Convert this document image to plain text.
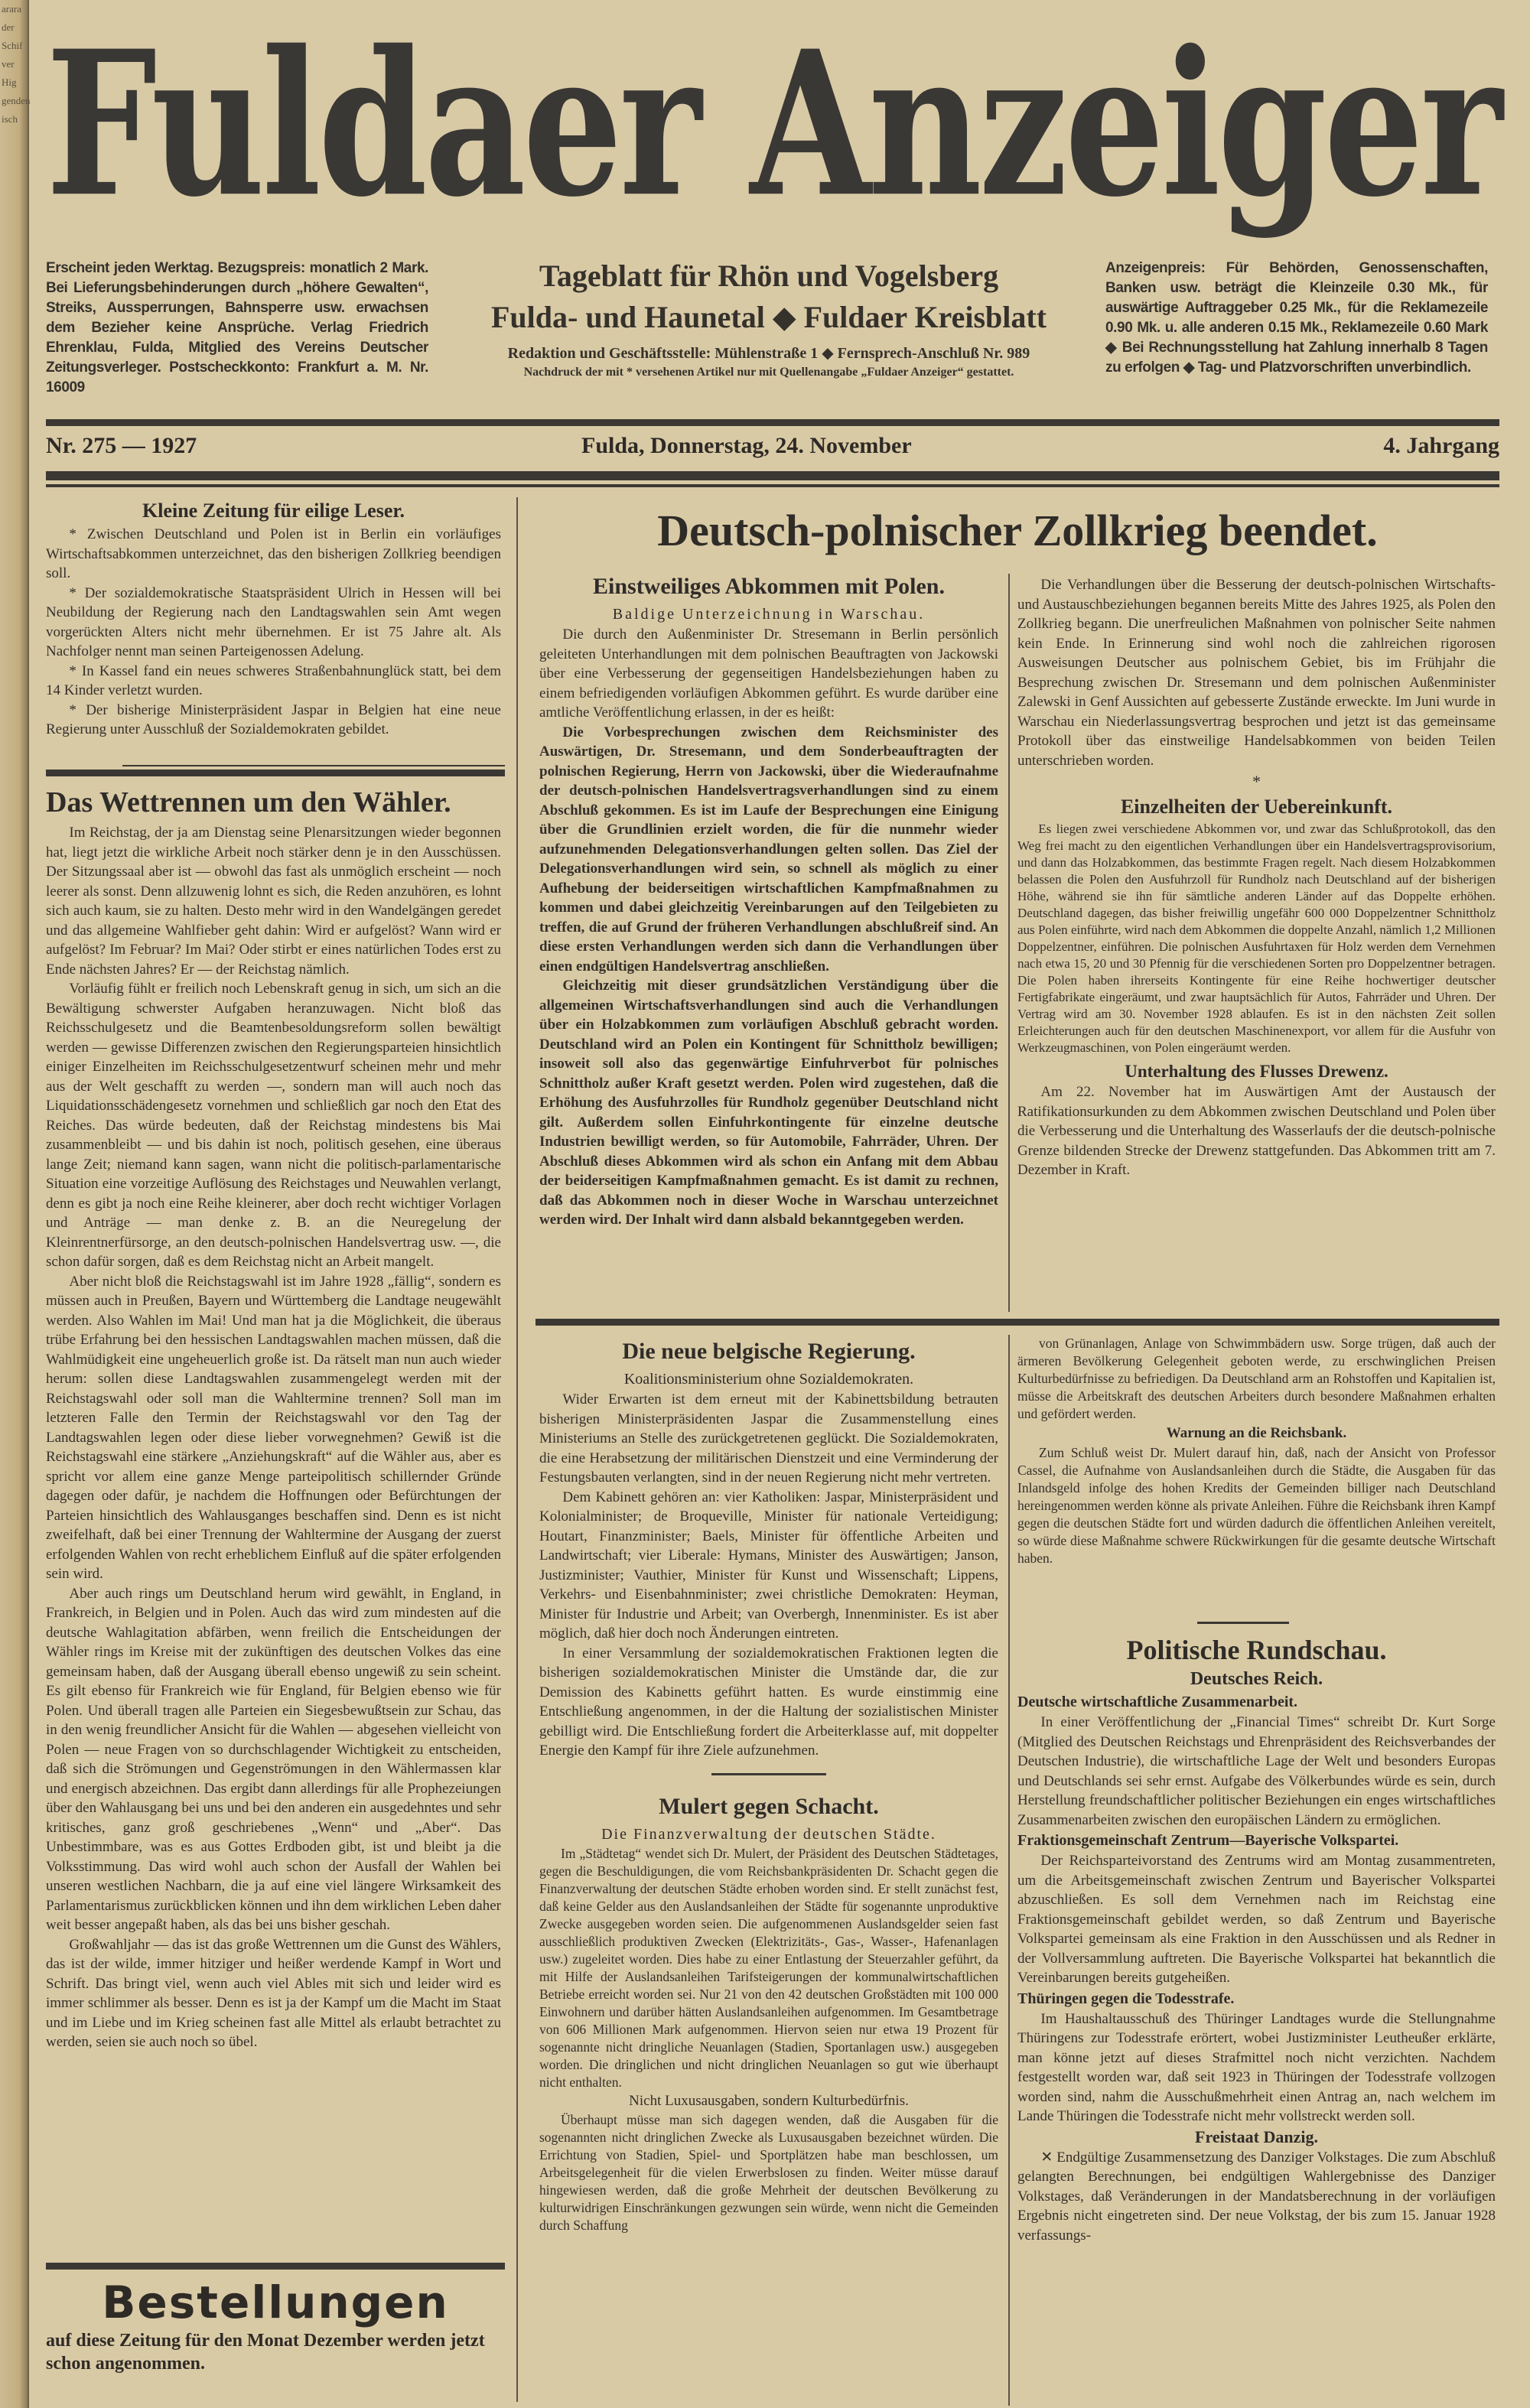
arara
der
Schif
ver
Hig
genden
isch Fuldaer Anzeiger
Erscheint jeden Werktag. Bezugspreis: monatlich 2 Mark. Bei Lieferungsbehinderungen durch „höhere Gewalten“, Streiks, Aussperrungen, Bahnsperre usw. erwachsen dem Bezieher keine Ansprüche. Verlag Friedrich Ehrenklau, Fulda, Mitglied des Vereins Deutscher Zeitungsverleger. Postscheckkonto: Frankfurt a. M. Nr. 16009
Tageblatt für Rhön und Vogelsberg
Fulda- und Haunetal ◆ Fuldaer Kreisblatt
Redaktion und Geschäftsstelle: Mühlenstraße 1 ◆ Fernsprech-Anschluß Nr. 989
Nachdruck der mit * versehenen Artikel nur mit Quellenangabe „Fuldaer Anzeiger“ gestattet.
Anzeigenpreis: Für Behörden, Genossenschaften, Banken usw. beträgt die Kleinzeile 0.30 Mk., für auswärtige Auftraggeber 0.25 Mk., für die Reklamezeile 0.90 Mk. u. alle anderen 0.15 Mk., Reklamezeile 0.60 Mark ◆ Bei Rechnungsstellung hat Zahlung innerhalb 8 Tagen zu erfolgen ◆ Tag- und Platzvorschriften unverbindlich.
Nr. 275 — 1927	Fulda, Donnerstag, 24. November	4. Jahrgang
Kleine Zeitung für eilige Leser.

* Zwischen Deutschland und Polen ist in Berlin ein vorläufiges Wirtschaftsabkommen unterzeichnet, das den bisherigen Zollkrieg beendigen soll.

* Der sozialdemokratische Staatspräsident Ulrich in Hessen will bei Neubildung der Regierung nach den Landtagswahlen sein Amt wegen vorgerückten Alters nicht mehr übernehmen. Er ist 75 Jahre alt. Als Nachfolger nennt man seinen Parteigenossen Adelung.

* In Kassel fand ein neues schweres Straßenbahnunglück statt, bei dem 14 Kinder verletzt wurden.

* Der bisherige Ministerpräsident Jaspar in Belgien hat eine neue Regierung unter Ausschluß der Sozialdemokraten gebildet.

Das Wettrennen um den Wähler.

Im Reichstag, der ja am Dienstag seine Plenarsitzungen wieder begonnen hat, liegt jetzt die wirkliche Arbeit noch stärker denn je in den Ausschüssen. Der Sitzungssaal aber ist — obwohl das fast als unmöglich erscheint — noch leerer als sonst. Denn allzuwenig lohnt es sich, die Reden anzuhören, es lohnt sich auch kaum, sie zu halten. Desto mehr wird in den Wandelgängen geredet und das allgemeine Wahlfieber geht dahin: Wird er aufgelöst? Wann wird er aufgelöst? Im Februar? Im Mai? Oder stirbt er eines natürlichen Todes erst zu Ende nächsten Jahres? Er — der Reichstag nämlich.

Vorläufig fühlt er freilich noch Lebenskraft genug in sich, um sich an die Bewältigung schwerster Aufgaben heranzuwagen. Nicht bloß das Reichsschulgesetz und die Beamtenbesoldungsreform sollen bewältigt werden — gewisse Differenzen zwischen den Regierungsparteien hinsichtlich einiger Einzelheiten im Reichsschulgesetzentwurf scheinen mehr und mehr aus der Welt geschafft zu werden —, sondern man will auch noch das Liquidationsschädengesetz vornehmen und schließlich gar noch den Etat des Reiches. Das würde bedeuten, daß der Reichstag mindestens bis Mai zusammenbleibt — und bis dahin ist noch, politisch gesehen, eine überaus lange Zeit; niemand kann sagen, wann nicht die politisch-parlamentarische Situation eine vorzeitige Auflösung des Reichstages und Neuwahlen verlangt, denn es gibt ja noch eine Reihe kleinerer, aber doch recht wichtiger Vorlagen und Anträge — man denke z. B. an die Neuregelung der Kleinrentnerfürsorge, an den deutsch-polnischen Handelsvertrag usw. —, die schon dafür sorgen, daß es dem Reichstag nicht an Arbeit mangelt.

Aber nicht bloß die Reichstagswahl ist im Jahre 1928 „fällig“, sondern es müssen auch in Preußen, Bayern und Württemberg die Landtage neugewählt werden. Also Wahlen im Mai! Und man hat ja die Möglichkeit, die überaus trübe Erfahrung bei den hessischen Landtagswahlen machen müssen, daß die Wahlmüdigkeit eine ungeheuerlich große ist. Da rätselt man nun auch wieder herum: sollen diese Landtagswahlen zusammengelegt werden mit der Reichstagswahl oder soll man die Wahltermine trennen? Soll man im letzteren Falle den Termin der Reichstagswahl vor den Tag der Landtagswahlen legen oder diese lieber vorwegnehmen? Gewiß ist die Reichstagswahl eine stärkere „Anziehungskraft“ auf die Wähler aus, aber es spricht vor allem eine ganze Menge parteipolitisch schillernder Gründe dagegen oder dafür, je nachdem die Hoffnungen oder Befürchtungen der Parteien hinsichtlich des Wahlausganges beschaffen sind. Denn es ist nicht zweifelhaft, daß bei einer Trennung der Wahltermine der Ausgang der zuerst erfolgenden Wahlen von recht erheblichem Einfluß auf die später erfolgenden sein wird.

Aber auch rings um Deutschland herum wird gewählt, in England, in Frankreich, in Belgien und in Polen. Auch das wird zum mindesten auf die deutsche Wahlagitation abfärben, wenn freilich die Entscheidungen der Wähler rings im Kreise mit der zukünftigen des deutschen Volkes das eine gemeinsam haben, daß der Ausgang überall ebenso ungewiß zu sein scheint. Es gilt ebenso für Frankreich wie für England, für Belgien ebenso wie für Polen. Und überall tragen alle Parteien ein Siegesbewußtsein zur Schau, das in den wenig freundlicher Ansicht für die Wahlen — abgesehen vielleicht von Polen — neue Fragen von so durchschlagender Wichtigkeit zu entscheiden, daß sich die Strömungen und Gegenströmungen in den Wählermassen klar und energisch abzeichnen. Das ergibt dann allerdings für alle Prophezeiungen über den Wahlausgang bei uns und bei den anderen ein ausgedehntes und sehr kritisches, ganz groß geschriebenes „Wenn“ und „Aber“. Das Unbestimmbare, was es aus Gottes Erdboden gibt, ist und bleibt ja die Volksstimmung. Das wird wohl auch schon der Ausfall der Wahlen bei unseren westlichen Nachbarn, die ja auf eine viel längere Wirksamkeit des Parlamentarismus zurückblicken können und ihn dem wirklichen Leben daher weit besser angepaßt haben, als das bei uns bisher geschah.

Großwahljahr — das ist das große Wettrennen um die Gunst des Wählers, das ist der wilde, immer hitziger und heißer werdende Kampf in Wort und Schrift. Das bringt viel, wenn auch viel Ables mit sich und leider wird es immer schlimmer als besser. Denn es ist ja der Kampf um die Macht im Staat und im Liebe und im Krieg scheinen fast alle Mittel als erlaubt betrachtet zu werden, seien sie auch noch so übel.

Bestellungen
auf diese Zeitung für den Monat Dezember werden jetzt schon angenommen.
Deutsch-polnischer Zollkrieg beendet.
Einstweiliges Abkommen mit Polen.
Baldige Unterzeichnung in Warschau.

Die durch den Außenminister Dr. Stresemann in Berlin persönlich geleiteten Unterhandlungen mit dem polnischen Beauftragten von Jackowski über eine Verbesserung der gegenseitigen Handelsbeziehungen haben zu einem befriedigenden vorläufigen Abkommen geführt. Es wurde darüber eine amtliche Veröffentlichung erlassen, in der es heißt:

Die Vorbesprechungen zwischen dem Reichsminister des Auswärtigen, Dr. Stresemann, und dem Sonderbeauftragten der polnischen Regierung, Herrn von Jackowski, über die Wiederaufnahme der deutsch-polnischen Handelsvertragsverhandlungen sind zu einem Abschluß gekommen. Es ist im Laufe der Besprechungen eine Einigung über die Grundlinien erzielt worden, die für die nunmehr wieder aufzunehmenden Delegationsverhandlungen gelten sollen. Das Ziel der Delegationsverhandlungen wird sein, so schnell als möglich zu einer Aufhebung der beiderseitigen wirtschaftlichen Kampfmaßnahmen zu kommen und dabei gleichzeitig Vereinbarungen auf den Teilgebieten zu treffen, die auf Grund der früheren Verhandlungen abschlußreif sind. An diese ersten Verhandlungen werden sich dann die Verhandlungen über einen endgültigen Handelsvertrag anschließen.

Gleichzeitig mit dieser grundsätzlichen Verständigung über die allgemeinen Wirtschaftsverhandlungen sind auch die Verhandlungen über ein Holzabkommen zum vorläufigen Abschluß gebracht worden. Deutschland wird an Polen ein Kontingent für Schnittholz bewilligen; insoweit soll also das gegenwärtige Einfuhrverbot für polnisches Schnittholz außer Kraft gesetzt werden. Polen wird zugestehen, daß die Erhöhung des Ausfuhrzolles für Rundholz gegenüber Deutschland nicht gilt. Außerdem sollen Einfuhrkontingente für einzelne deutsche Industrien bewilligt werden, so für Automobile, Fahrräder, Uhren. Der Abschluß dieses Abkommen wird als schon ein Anfang mit dem Abbau der beiderseitigen Kampfmaßnahmen gemacht. Es ist damit zu rechnen, daß das Abkommen noch in dieser Woche in Warschau unterzeichnet werden wird. Der Inhalt wird dann alsbald bekanntgegeben werden.

Die Verhandlungen über die Besserung der deutsch-polnischen Wirtschafts- und Austauschbeziehungen begannen bereits Mitte des Jahres 1925, als Polen den Zollkrieg begann. Die unerfreulichen Maßnahmen von polnischer Seite nahmen kein Ende. In Erinnerung sind wohl noch die zahlreichen rigorosen Ausweisungen Deutscher aus polnischem Gebiet, bis im Frühjahr die Besprechung zwischen Dr. Stresemann und dem polnischen Außenminister Zalewski in Genf Aussichten auf gebesserte Zustände erweckte. Im Juni wurde in Warschau ein Niederlassungsvertrag besprochen und jetzt ist das gemeinsame Protokoll über das einstweilige Handelsabkommen von beiden Teilen unterschrieben worden.

*
Einzelheiten der Uebereinkunft.

Es liegen zwei verschiedene Abkommen vor, und zwar das Schlußprotokoll, das den Weg frei macht zu den eigentlichen Verhandlungen über ein Handelsvertragsprovisorium, und dann das Holzabkommen, das bestimmte Fragen regelt. Nach diesem Holzabkommen belassen die Polen den Ausfuhrzoll für Rundholz nach Deutschland auf der bisherigen Höhe, während sie ihn für sämtliche anderen Länder auf das Doppelte erhöhen. Deutschland dagegen, das bisher freiwillig ungefähr 600 000 Doppelzentner Schnittholz aus Polen einführte, wird nach dem Abkommen die doppelte Anzahl, nämlich 1,2 Millionen Doppelzentner, einführen. Die polnischen Ausfuhrtaxen für Holz werden dem Vernehmen nach etwa 15, 20 und 30 Pfennig für die verschiedenen Sorten pro Doppelzentner betragen. Die Polen haben ihrerseits Kontingente für eine Reihe hochwertiger deutscher Fertigfabrikate eingeräumt, und zwar hauptsächlich für Autos, Fahrräder und Uhren. Der Vertrag wird am 30. November 1928 ablaufen. Es ist in den nächsten Zeit sollen Erleichterungen auch für den deutschen Maschinenexport, vor allem für die Ausfuhr von Werkzeugmaschinen, von Polen eingeräumt werden.

Unterhaltung des Flusses Drewenz.

Am 22. November hat im Auswärtigen Amt der Austausch der Ratifikationsurkunden zu dem Abkommen zwischen Deutschland und Polen über die Verbesserung und die Unterhaltung des Wasserlaufs der die deutsch-polnische Grenze bildenden Strecke der Drewenz stattgefunden. Das Abkommen tritt am 7. Dezember in Kraft.

Die neue belgische Regierung.
Koalitionsministerium ohne Sozialdemokraten.

Wider Erwarten ist dem erneut mit der Kabinettsbildung betrauten bisherigen Ministerpräsidenten Jaspar die Zusammenstellung eines Ministeriums an Stelle des zurückgetretenen geglückt. Die Sozialdemokraten, die eine Herabsetzung der militärischen Dienstzeit und eine Verminderung der Festungsbauten verlangten, sind in der neuen Regierung nicht mehr vertreten.

Dem Kabinett gehören an: vier Katholiken: Jaspar, Ministerpräsident und Kolonialminister; de Broqueville, Minister für nationale Verteidigung; Houtart, Finanzminister; Baels, Minister für öffentliche Arbeiten und Landwirtschaft; vier Liberale: Hymans, Minister des Auswärtigen; Janson, Justizminister; Vauthier, Minister für Kunst und Wissenschaft; Lippens, Verkehrs- und Eisenbahnminister; zwei christliche Demokraten: Heyman, Minister für Industrie und Arbeit; van Overbergh, Innenminister. Es ist aber möglich, daß hier doch noch Änderungen eintreten.

In einer Versammlung der sozialdemokratischen Fraktionen legten die bisherigen sozialdemokratischen Minister die Umstände dar, die zur Demission des Kabinetts geführt hatten. Es wurde einstimmig eine Entschließung angenommen, in der die Haltung der sozialistischen Minister gebilligt wird. Die Entschließung fordert die Arbeiterklasse auf, mit doppelter Energie den Kampf für ihre Ziele aufzunehmen.

Mulert gegen Schacht.
Die Finanzverwaltung der deutschen Städte.

Im „Städtetag“ wendet sich Dr. Mulert, der Präsident des Deutschen Städtetages, gegen die Beschuldigungen, die vom Reichsbankpräsidenten Dr. Schacht gegen die Finanzverwaltung der deutschen Städte erhoben worden sind. Er stellt zunächst fest, daß keine Gelder aus den Auslandsanleihen der Städte für sogenannte unproduktive Zwecke ausgegeben worden seien. Die aufgenommenen Auslandsgelder seien fast ausschließlich produktiven Zwecken (Elektrizitäts-, Gas-, Wasser-, Hafenanlagen usw.) zugeleitet worden. Dies habe zu einer Entlastung der Steuerzahler geführt, da mit Hilfe der Auslandsanleihen Tarifsteigerungen der kommunalwirtschaftlichen Betriebe erreicht worden sei. Nur 21 von den 42 deutschen Großstädten mit 100 000 Einwohnern und darüber hätten Auslandsanleihen aufgenommen. Im Gesamtbetrage von 606 Millionen Mark aufgenommen. Hiervon seien nur etwa 19 Prozent für sogenannte nicht dringliche Neuanlagen (Stadien, Sportanlagen usw.) ausgegeben worden. Die dringlichen und nicht dringlichen Neuanlagen so gut wie überhaupt nicht enthalten.

Nicht Luxusausgaben, sondern Kulturbedürfnis.

Überhaupt müsse man sich dagegen wenden, daß die Ausgaben für die sogenannten nicht dringlichen Zwecke als Luxusausgaben bezeichnet würden. Die Errichtung von Stadien, Spiel- und Sportplätzen habe man beschlossen, um Arbeitsgelegenheit für die vielen Erwerbslosen zu finden. Weiter müsse darauf hingewiesen werden, daß die große Mehrheit der deutschen Bevölkerung zu kulturwidrigen Einschränkungen gezwungen sein würde, wenn nicht die Gemeinden durch Schaffung

von Grünanlagen, Anlage von Schwimmbädern usw. Sorge trügen, daß auch der ärmeren Bevölkerung Gelegenheit geboten werde, zu erschwinglichen Preisen Kulturbedürfnisse zu befriedigen. Da Deutschland arm an Rohstoffen und Kapitalien ist, müsse die Arbeitskraft des deutschen Arbeiters durch besondere Maßnahmen erhalten und gefördert werden.

Warnung an die Reichsbank.

Zum Schluß weist Dr. Mulert darauf hin, daß, nach der Ansicht von Professor Cassel, die Aufnahme von Auslandsanleihen durch die Städte, die Ausgaben für das Inlandsgeld infolge des hohen Kredits der Gemeinden billiger nach Deutschland hereingenommen werden könne als private Anleihen. Führe die Reichsbank ihren Kampf gegen die deutschen Städte fort und würden dadurch die öffentlichen Anleihen vereitelt, so würde diese Maßnahme schwere Rückwirkungen für die gesamte deutsche Wirtschaft haben.

Politische Rundschau.
Deutsches Reich.
Deutsche wirtschaftliche Zusammenarbeit.

In einer Veröffentlichung der „Financial Times“ schreibt Dr. Kurt Sorge (Mitglied des Deutschen Reichstags und Ehrenpräsident des Reichsverbandes der Deutschen Industrie), die wirtschaftliche Lage der Welt und besonders Europas und Deutschlands sei sehr ernst. Aufgabe des Völkerbundes würde es sein, durch Herstellung freundschaftlicher politischer Beziehungen ein enges wirtschaftliches Zusammenarbeiten zwischen den europäischen Ländern zu ermöglichen.

Fraktionsgemeinschaft Zentrum—Bayerische Volkspartei.

Der Reichsparteivorstand des Zentrums wird am Montag zusammentreten, um die Arbeitsgemeinschaft zwischen Zentrum und Bayerischer Volkspartei abzuschließen. Es soll dem Vernehmen nach im Reichstag eine Fraktionsgemeinschaft gebildet werden, so daß Zentrum und Bayerische Volkspartei gemeinsam als eine Fraktion in den Ausschüssen und als Redner in der Vollversammlung auftreten. Die Bayerische Volkspartei hat bekanntlich die Vereinbarungen bereits gutgeheißen.

Thüringen gegen die Todesstrafe.

Im Haushaltausschuß des Thüringer Landtages wurde die Stellungnahme Thüringens zur Todesstrafe erörtert, wobei Justizminister Leutheußer erklärte, man könne jetzt auf dieses Strafmittel noch nicht verzichten. Nachdem festgestellt worden war, daß seit 1923 in Thüringen der Todesstrafe vollzogen worden sind, nahm die Ausschußmehrheit einen Antrag an, nach welchem im Lande Thüringen die Todesstrafe nicht mehr vollstreckt werden soll.

Freistaat Danzig.

✕ Endgültige Zusammensetzung des Danziger Volkstages. Die zum Abschluß gelangten Berechnungen, bei endgültigen Wahlergebnisse des Danziger Volkstages, daß Veränderungen in der Mandatsberechnung in der vorläufigen Ergebnis nicht eingetreten sind. Der neue Volkstag, der bis zum 15. Januar 1928 verfassungs-
